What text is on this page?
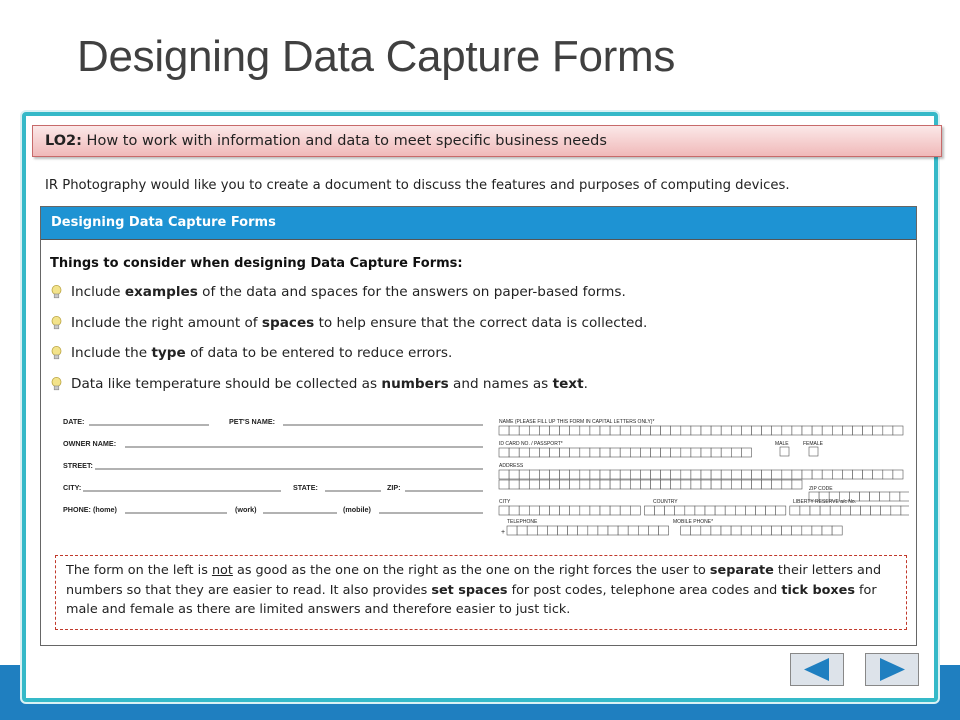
Designing Data Capture Forms
LO2: How to work with information and data to meet specific business needs
IR Photography would like you to create a document to discuss the features and purposes of computing devices.
Designing Data Capture Forms
Things to consider when designing Data Capture Forms:
Include examples of the data and spaces for the answers on paper-based forms.
Include the right amount of spaces to help ensure that the correct data is collected.
Include the type of data to be entered to reduce errors.
Data like temperature should be collected as numbers and names as text.
DATE:	PET'S NAME:
OWNER NAME:
STREET:
CITY:	STATE:	ZIP:
PHONE: (home)	(work)	(mobile)
NAME (PLEASE FILL UP THIS FORM IN CAPITAL LETTERS ONLY)*
ID CARD NO. / PASSPORT*	MALE	FEMALE
ADDRESS
ZIP CODE
CITY	COUNTRY	LIBERTY RESERVE a/c No.
TELEPHONE	MOBILE PHONE*
+
The form on the left is not as good as the one on the right as the one on the right forces the user to separate their letters and numbers so that they are easier to read. It also provides set spaces for post codes, telephone area codes and tick boxes for male and female as there are limited answers and therefore easier to just tick.
